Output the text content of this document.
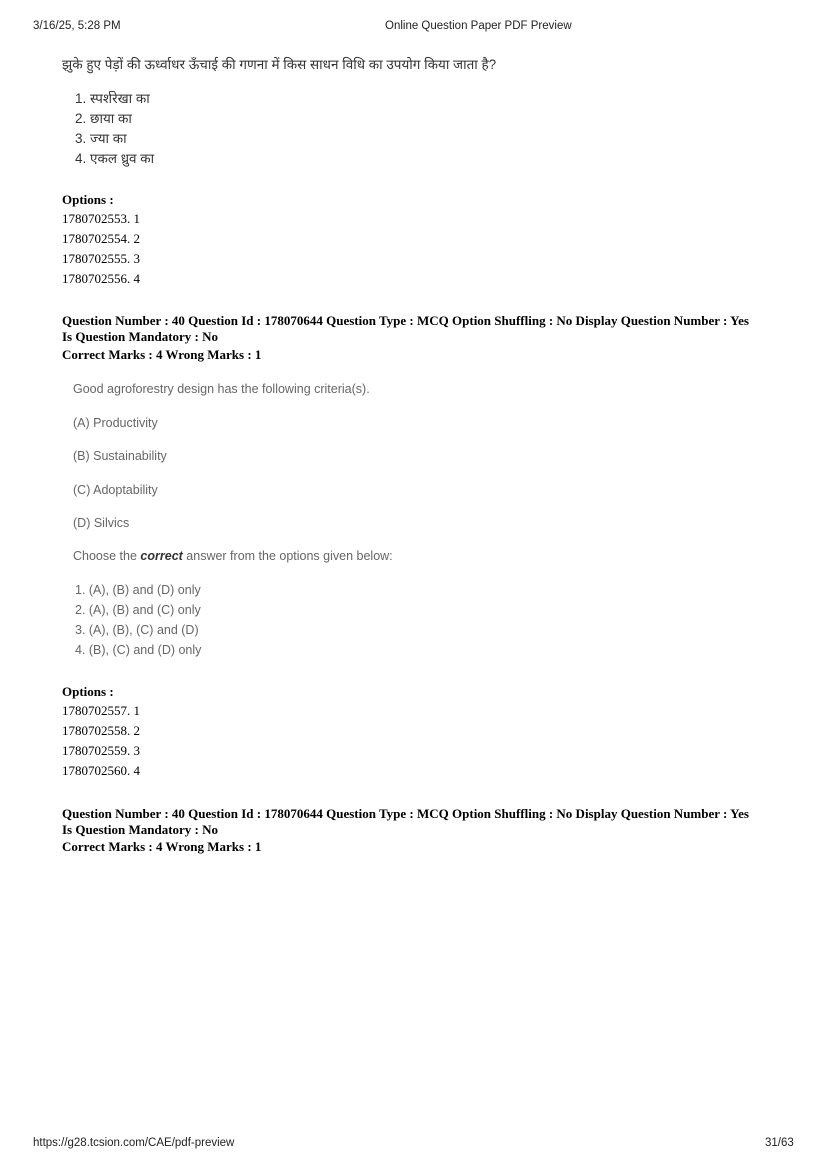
3/16/25, 5:28 PM	Online Question Paper PDF Preview
झुके हुए पेड़ों की ऊर्ध्वाधर ऊँचाई की गणना में किस साधन विधि का उपयोग किया जाता है?
1. स्पर्शरेखा का
2. छाया का
3. ज्या का
4. एकल ध्रुव का
Options :
1780702553. 1
1780702554. 2
1780702555. 3
1780702556. 4
Question Number : 40 Question Id : 178070644 Question Type : MCQ Option Shuffling : No Display Question Number : Yes
Is Question Mandatory : No
Correct Marks : 4 Wrong Marks : 1
Good agroforestry design has the following criteria(s).
(A) Productivity
(B) Sustainability
(C) Adoptability
(D) Silvics
Choose the correct answer from the options given below:
1. (A), (B) and (D) only
2. (A), (B) and (C) only
3. (A), (B), (C) and (D)
4. (B), (C) and (D) only
Options :
1780702557. 1
1780702558. 2
1780702559. 3
1780702560. 4
Question Number : 40 Question Id : 178070644 Question Type : MCQ Option Shuffling : No Display Question Number : Yes
Is Question Mandatory : No
Correct Marks : 4 Wrong Marks : 1
https://g28.tcsion.com/CAE/pdf-preview	31/63
